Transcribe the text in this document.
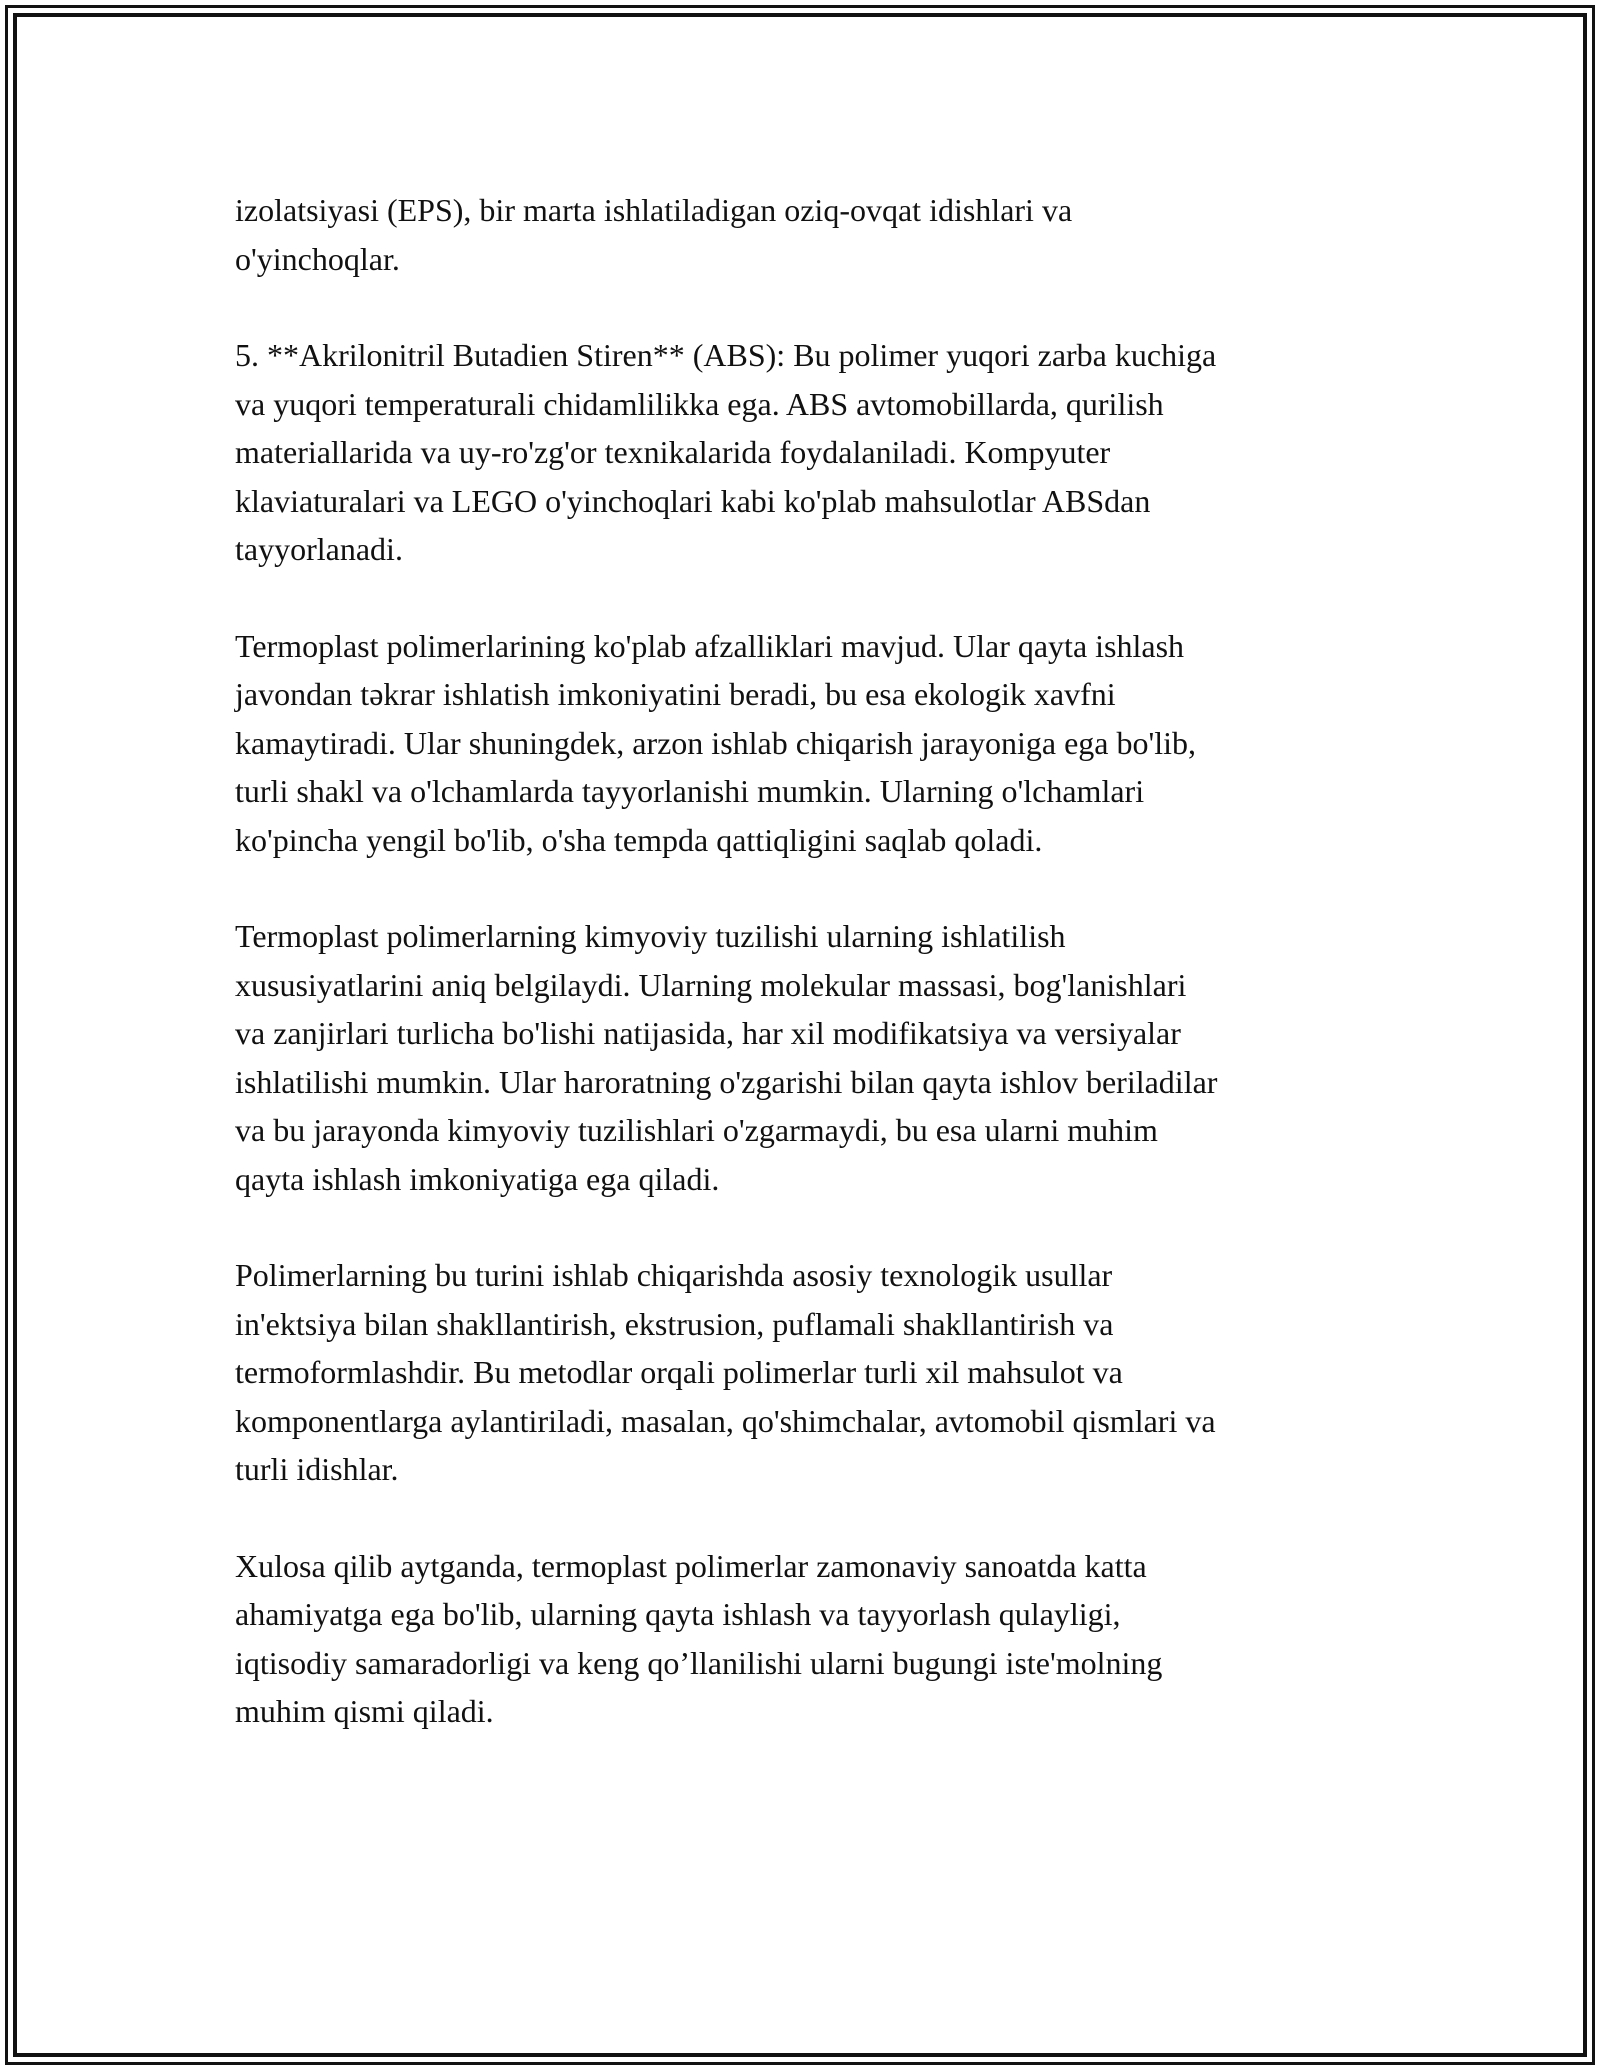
izolatsiyasi (EPS), bir marta ishlatiladigan oziq-ovqat idishlari va
o'yinchoqlar.

5. **Akrilonitril Butadien Stiren** (ABS): Bu polimer yuqori zarba kuchiga
va yuqori temperaturali chidamlilikka ega. ABS avtomobillarda, qurilish
materiallarida va uy-ro'zg'or texnikalarida foydalaniladi. Kompyuter
klaviaturalari va LEGO o'yinchoqlari kabi ko'plab mahsulotlar ABSdan
tayyorlanadi.

Termoplast polimerlarining ko'plab afzalliklari mavjud. Ular qayta ishlash
javondan təkrar ishlatish imkoniyatini beradi, bu esa ekologik xavfni
kamaytiradi. Ular shuningdek, arzon ishlab chiqarish jarayoniga ega bo'lib,
turli shakl va o'lchamlarda tayyorlanishi mumkin. Ularning o'lchamlari
ko'pincha yengil bo'lib, o'sha tempda qattiqligini saqlab qoladi.

Termoplast polimerlarning kimyoviy tuzilishi ularning ishlatilish
xususiyatlarini aniq belgilaydi. Ularning molekular massasi, bog'lanishlari
va zanjirlari turlicha bo'lishi natijasida, har xil modifikatsiya va versiyalar
ishlatilishi mumkin. Ular haroratning o'zgarishi bilan qayta ishlov beriladilar
va bu jarayonda kimyoviy tuzilishlari o'zgarmaydi, bu esa ularni muhim
qayta ishlash imkoniyatiga ega qiladi.

Polimerlarning bu turini ishlab chiqarishda asosiy texnologik usullar
in'ektsiya bilan shakllantirish, ekstrusion, puflamali shakllantirish va
termoformlashdir. Bu metodlar orqali polimerlar turli xil mahsulot va
komponentlarga aylantiriladi, masalan, qo'shimchalar, avtomobil qismlari va
turli idishlar.

Xulosa qilib aytganda, termoplast polimerlar zamonaviy sanoatda katta
ahamiyatga ega bo'lib, ularning qayta ishlash va tayyorlash qulayligi,
iqtisodiy samaradorligi va keng qo’llanilishi ularni bugungi iste'molning
muhim qismi qiladi.
